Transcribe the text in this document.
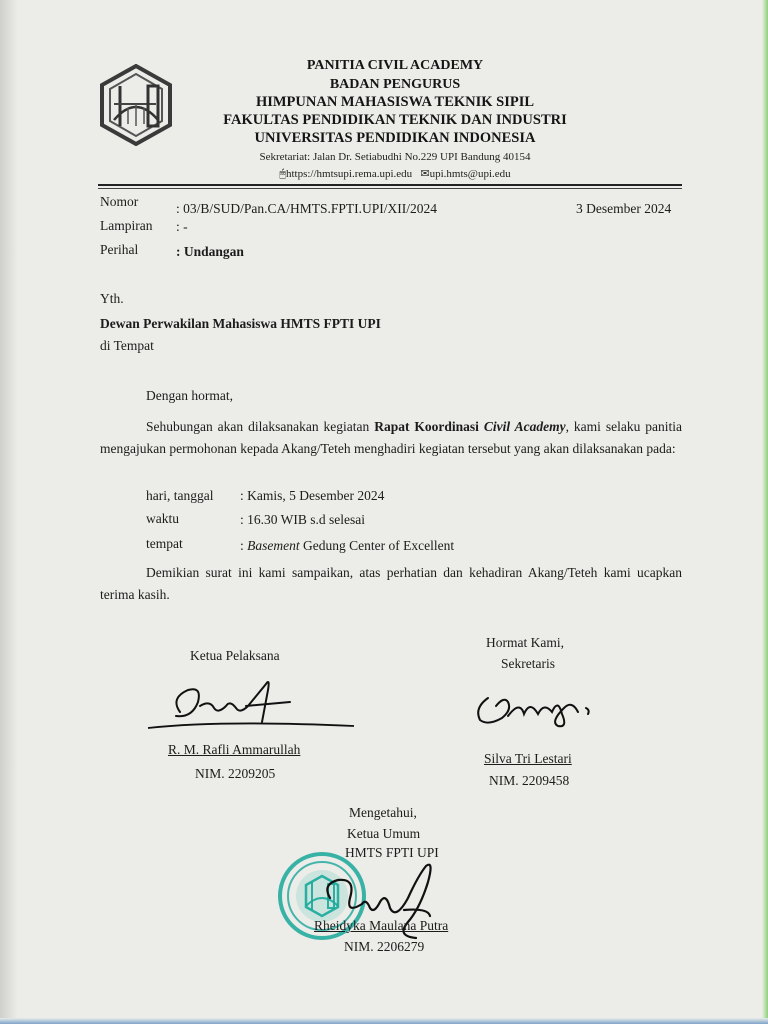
PANITIA CIVIL ACADEMY
BADAN PENGURUS
HIMPUNAN MAHASISWA TEKNIK SIPIL
FAKULTAS PENDIDIKAN TEKNIK DAN INDUSTRI
UNIVERSITAS PENDIDIKAN INDONESIA
Sekretariat: Jalan Dr. Setiabudhi No.229 UPI Bandung 40154
🖱︎https://hmtsupi.rema.upi.edu ✉upi.hmts@upi.edu

Nomor	: 03/B/SUD/Pan.CA/HMTS.FPTI.UPI/XII/2024	3 Desember 2024

Lampiran : -

Perihal	: Undangan

Yth.

Dewan Perwakilan Mahasiswa HMTS FPTI UPI

di Tempat

Dengan hormat,

Sehubungan akan dilaksanakan kegiatan Rapat Koordinasi Civil Academy, kami selaku panitia mengajukan permohonan kepada Akang/Teteh menghadiri kegiatan tersebut yang akan dilaksanakan pada:

hari, tanggal : Kamis, 5 Desember 2024

waktu	: 16.30 WIB s.d selesai

tempat	: Basement Gedung Center of Excellent

Demikian surat ini kami sampaikan, atas perhatian dan kehadiran Akang/Teteh kami ucapkan terima kasih.

Ketua Pelaksana

R. M. Rafli Ammarullah

NIM. 2209205

Hormat Kami,

Sekretaris

Silva Tri Lestari

NIM. 2209458

Mengetahui,

Ketua Umum

HMTS FPTI UPI

Rheidyka Maulana Putra

NIM. 2206279
